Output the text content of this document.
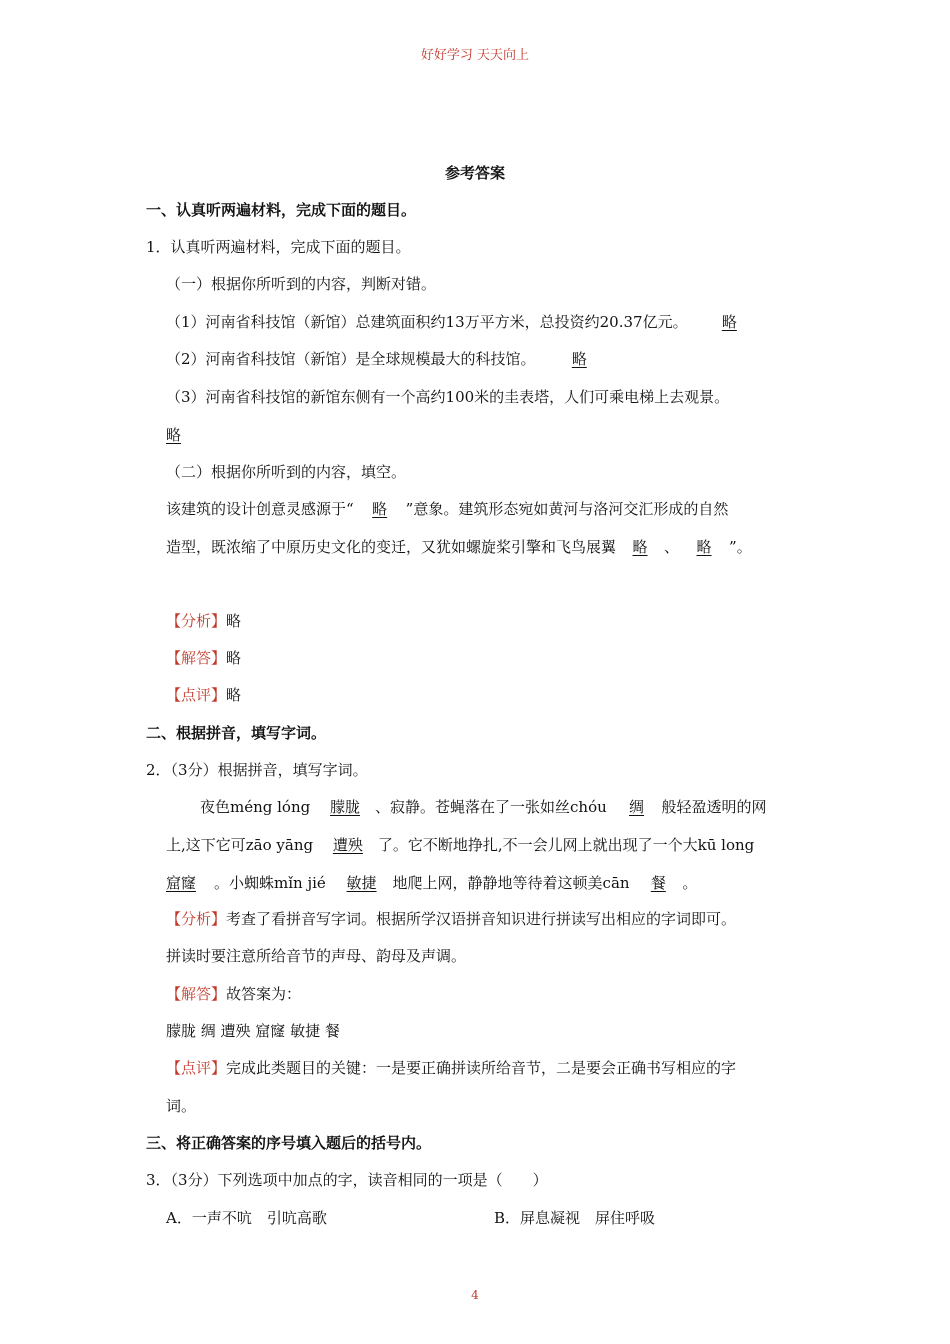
好好学习 天天向上
参考答案
一、认真听两遍材料，完成下面的题目。
1．认真听两遍材料，完成下面的题目。
（一）根据你所听到的内容，判断对错。
（1）河南省科技馆（新馆）总建筑面积约13万平方米，总投资约20.37亿元。 略
（2）河南省科技馆（新馆）是全球规模最大的科技馆。 略
（3）河南省科技馆的新馆东侧有一个高约100米的圭表塔，人们可乘电梯上去观景。
略
（二）根据你所听到的内容，填空。
该建筑的设计创意灵感源于“ 略 ”意象。建筑形态宛如黄河与洛河交汇形成的自然
造型，既浓缩了中原历史文化的变迁，又犹如螺旋桨引擎和飞鸟展翼 略 、 略 ”。
【分析】略
【解答】略
【点评】略
二、根据拼音，填写字词。
2．（3分）根据拼音，填写字词。
夜色méng lóng 朦胧 、寂静。苍蝇落在了一张如丝chóu 绸 般轻盈透明的网
上,这下它可zāo yāng 遭殃 了。它不断地挣扎,不一会儿网上就出现了一个大kū long
窟窿 。小蜘蛛mǐn jié 敏捷 地爬上网，静静地等待着这顿美cān 餐 。
【分析】考查了看拼音写字词。根据所学汉语拼音知识进行拼读写出相应的字词即可。
拼读时要注意所给音节的声母、韵母及声调。
【解答】故答案为：
朦胧 绸 遭殃 窟窿 敏捷 餐
【点评】完成此类题目的关键：一是要正确拼读所给音节，二是要会正确书写相应的字
词。
三、将正确答案的序号填入题后的括号内。
3．（3分）下列选项中加点的字，读音相同的一项是（　　）
A．一声不吭　引吭高歌	B．屏息凝视　屏住呼吸
4
